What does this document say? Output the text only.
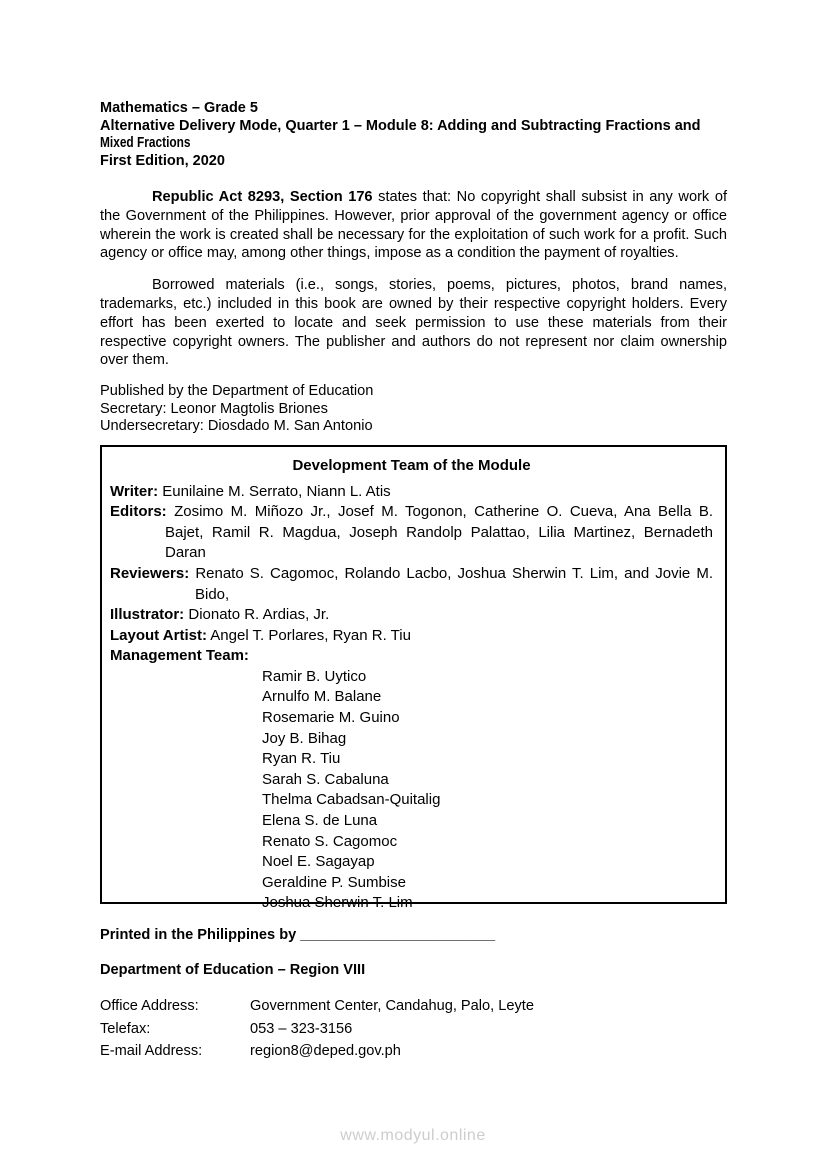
Mathematics – Grade 5
Alternative Delivery Mode, Quarter 1 – Module 8: Adding and Subtracting Fractions and
Mixed Fractions
First Edition, 2020

Republic Act 8293, Section 176 states that: No copyright shall subsist in any work of the Government of the Philippines. However, prior approval of the government agency or office wherein the work is created shall be necessary for the exploitation of such work for a profit. Such agency or office may, among other things, impose as a condition the payment of royalties.

Borrowed materials (i.e., songs, stories, poems, pictures, photos, brand names, trademarks, etc.) included in this book are owned by their respective copyright holders. Every effort has been exerted to locate and seek permission to use these materials from their respective copyright owners. The publisher and authors do not represent nor claim ownership over them.

Published by the Department of Education
Secretary: Leonor Magtolis Briones
Undersecretary: Diosdado M. San Antonio
Development Team of the Module
Writer: Eunilaine M. Serrato, Niann L. Atis
Editors: Zosimo M. Miñozo Jr., Josef M. Togonon, Catherine O. Cueva, Ana Bella B. Bajet, Ramil R. Magdua, Joseph Randolp Palattao, Lilia Martinez, Bernadeth Daran
Reviewers: Renato S. Cagomoc, Rolando Lacbo, Joshua Sherwin T. Lim, and Jovie M. Bido,
Illustrator: Dionato R. Ardias, Jr.
Layout Artist: Angel T. Porlares, Ryan R. Tiu
Management Team:
Ramir B. Uytico
Arnulfo M. Balane
Rosemarie M. Guino
Joy B. Bihag
Ryan R. Tiu
Sarah S. Cabaluna
Thelma Cabadsan-Quitalig
Elena S. de Luna
Renato S. Cagomoc
Noel E. Sagayap
Geraldine P. Sumbise
Joshua Sherwin T. Lim
Printed in the Philippines by ________________________
Department of Education – Region VIII
Office Address:	Government Center, Candahug, Palo, Leyte
Telefax:	053 – 323-3156
E-mail Address:	region8@deped.gov.ph
www.modyul.online
